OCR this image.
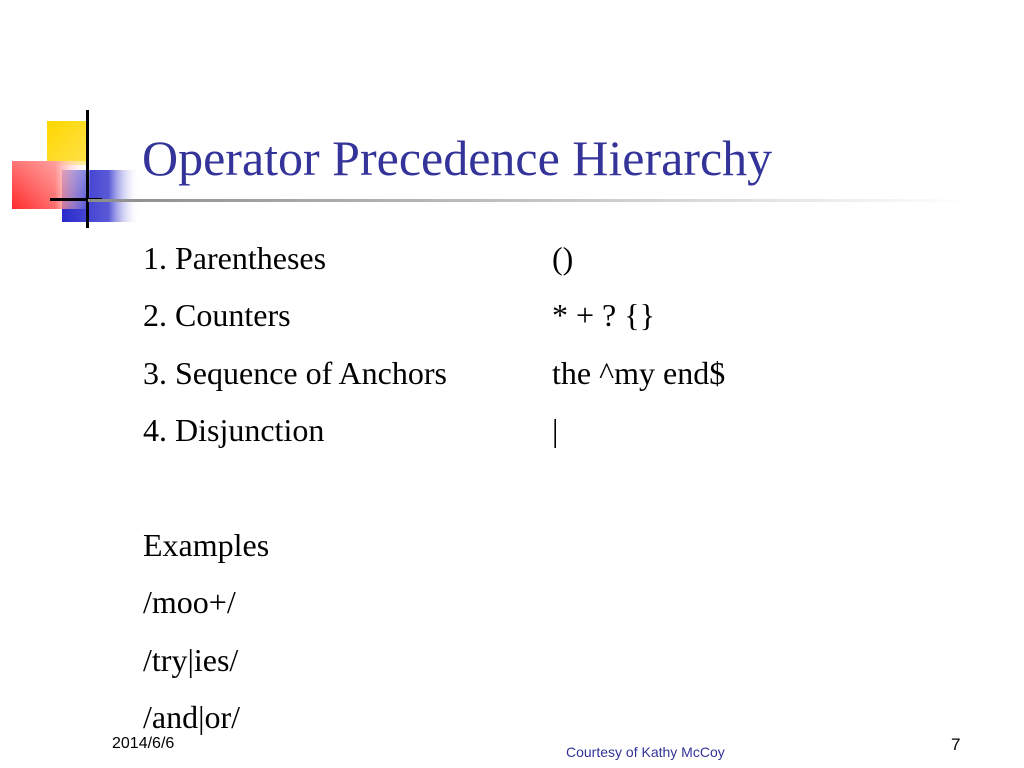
Operator Precedence Hierarchy
1. Parentheses	()
2. Counters	* + ? {}
3. Sequence of Anchors	the ^my end$
4. Disjunction	|
Examples
/moo+/
/try|ies/
/and|or/
2014/6/6	Courtesy of Kathy McCoy	7
